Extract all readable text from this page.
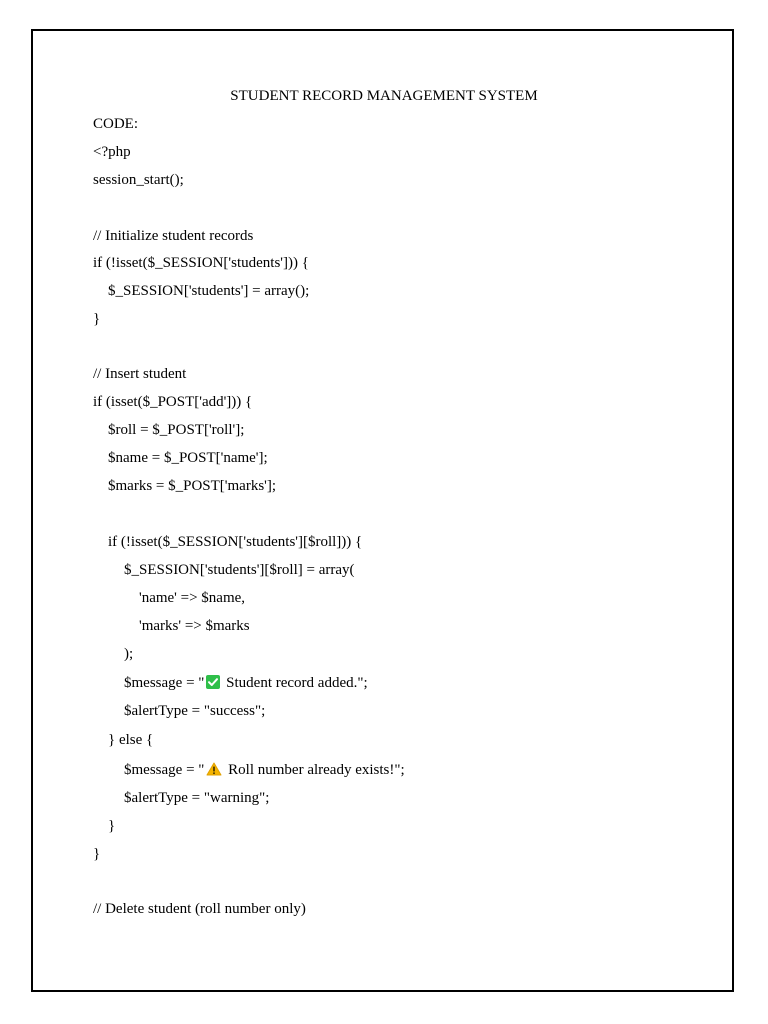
STUDENT RECORD MANAGEMENT SYSTEM
CODE:
<?php
session_start();
// Initialize student records
if (!isset($_SESSION['students'])) {
$_SESSION['students'] = array();
}
// Insert student
if (isset($_POST['add'])) {
$roll = $_POST['roll'];
$name = $_POST['name'];
$marks = $_POST['marks'];
if (!isset($_SESSION['students'][$roll])) {
$_SESSION['students'][$roll] = array(
'name' => $name,
'marks' => $marks
);
$message = " Student record added.";
$alertType = "success";
} else {
$message = " Roll number already exists!";
$alertType = "warning";
}
}
// Delete student (roll number only)
